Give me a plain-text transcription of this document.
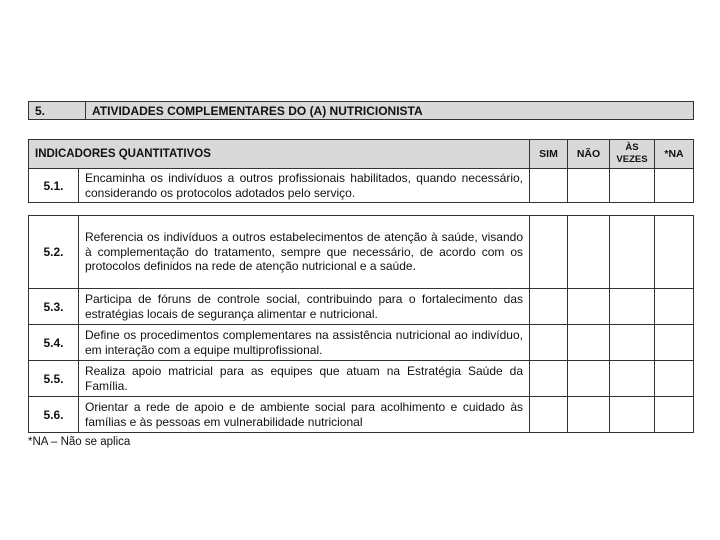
5.	ATIVIDADES COMPLEMENTARES DO (A) NUTRICIONISTA
INDICADORES QUANTITATIVOS		SIM	NÃO	ÀS VEZES	*NA
5.1.	Encaminha os indivíduos a outros profissionais habilitados, quando necessário, considerando os protocolos adotados pelo serviço.				
5.2.	Referencia os indivíduos a outros estabelecimentos de atenção à saúde, visando à complementação do tratamento, sempre que necessário, de acordo com os protocolos definidos na rede de atenção nutricional e a saúde.				
5.3.	Participa de fóruns de controle social, contribuindo para o fortalecimento das estratégias locais de segurança alimentar e nutricional.				
5.4.	Define os procedimentos complementares na assistência nutricional ao indivíduo, em interação com a equipe multiprofissional.				
5.5.	Realiza apoio matricial para as equipes que atuam na Estratégia Saúde da Família.				
5.6.	Orientar a rede de apoio e de ambiente social para acolhimento e cuidado às famílias e às pessoas em vulnerabilidade nutricional				
*NA – Não se aplica
